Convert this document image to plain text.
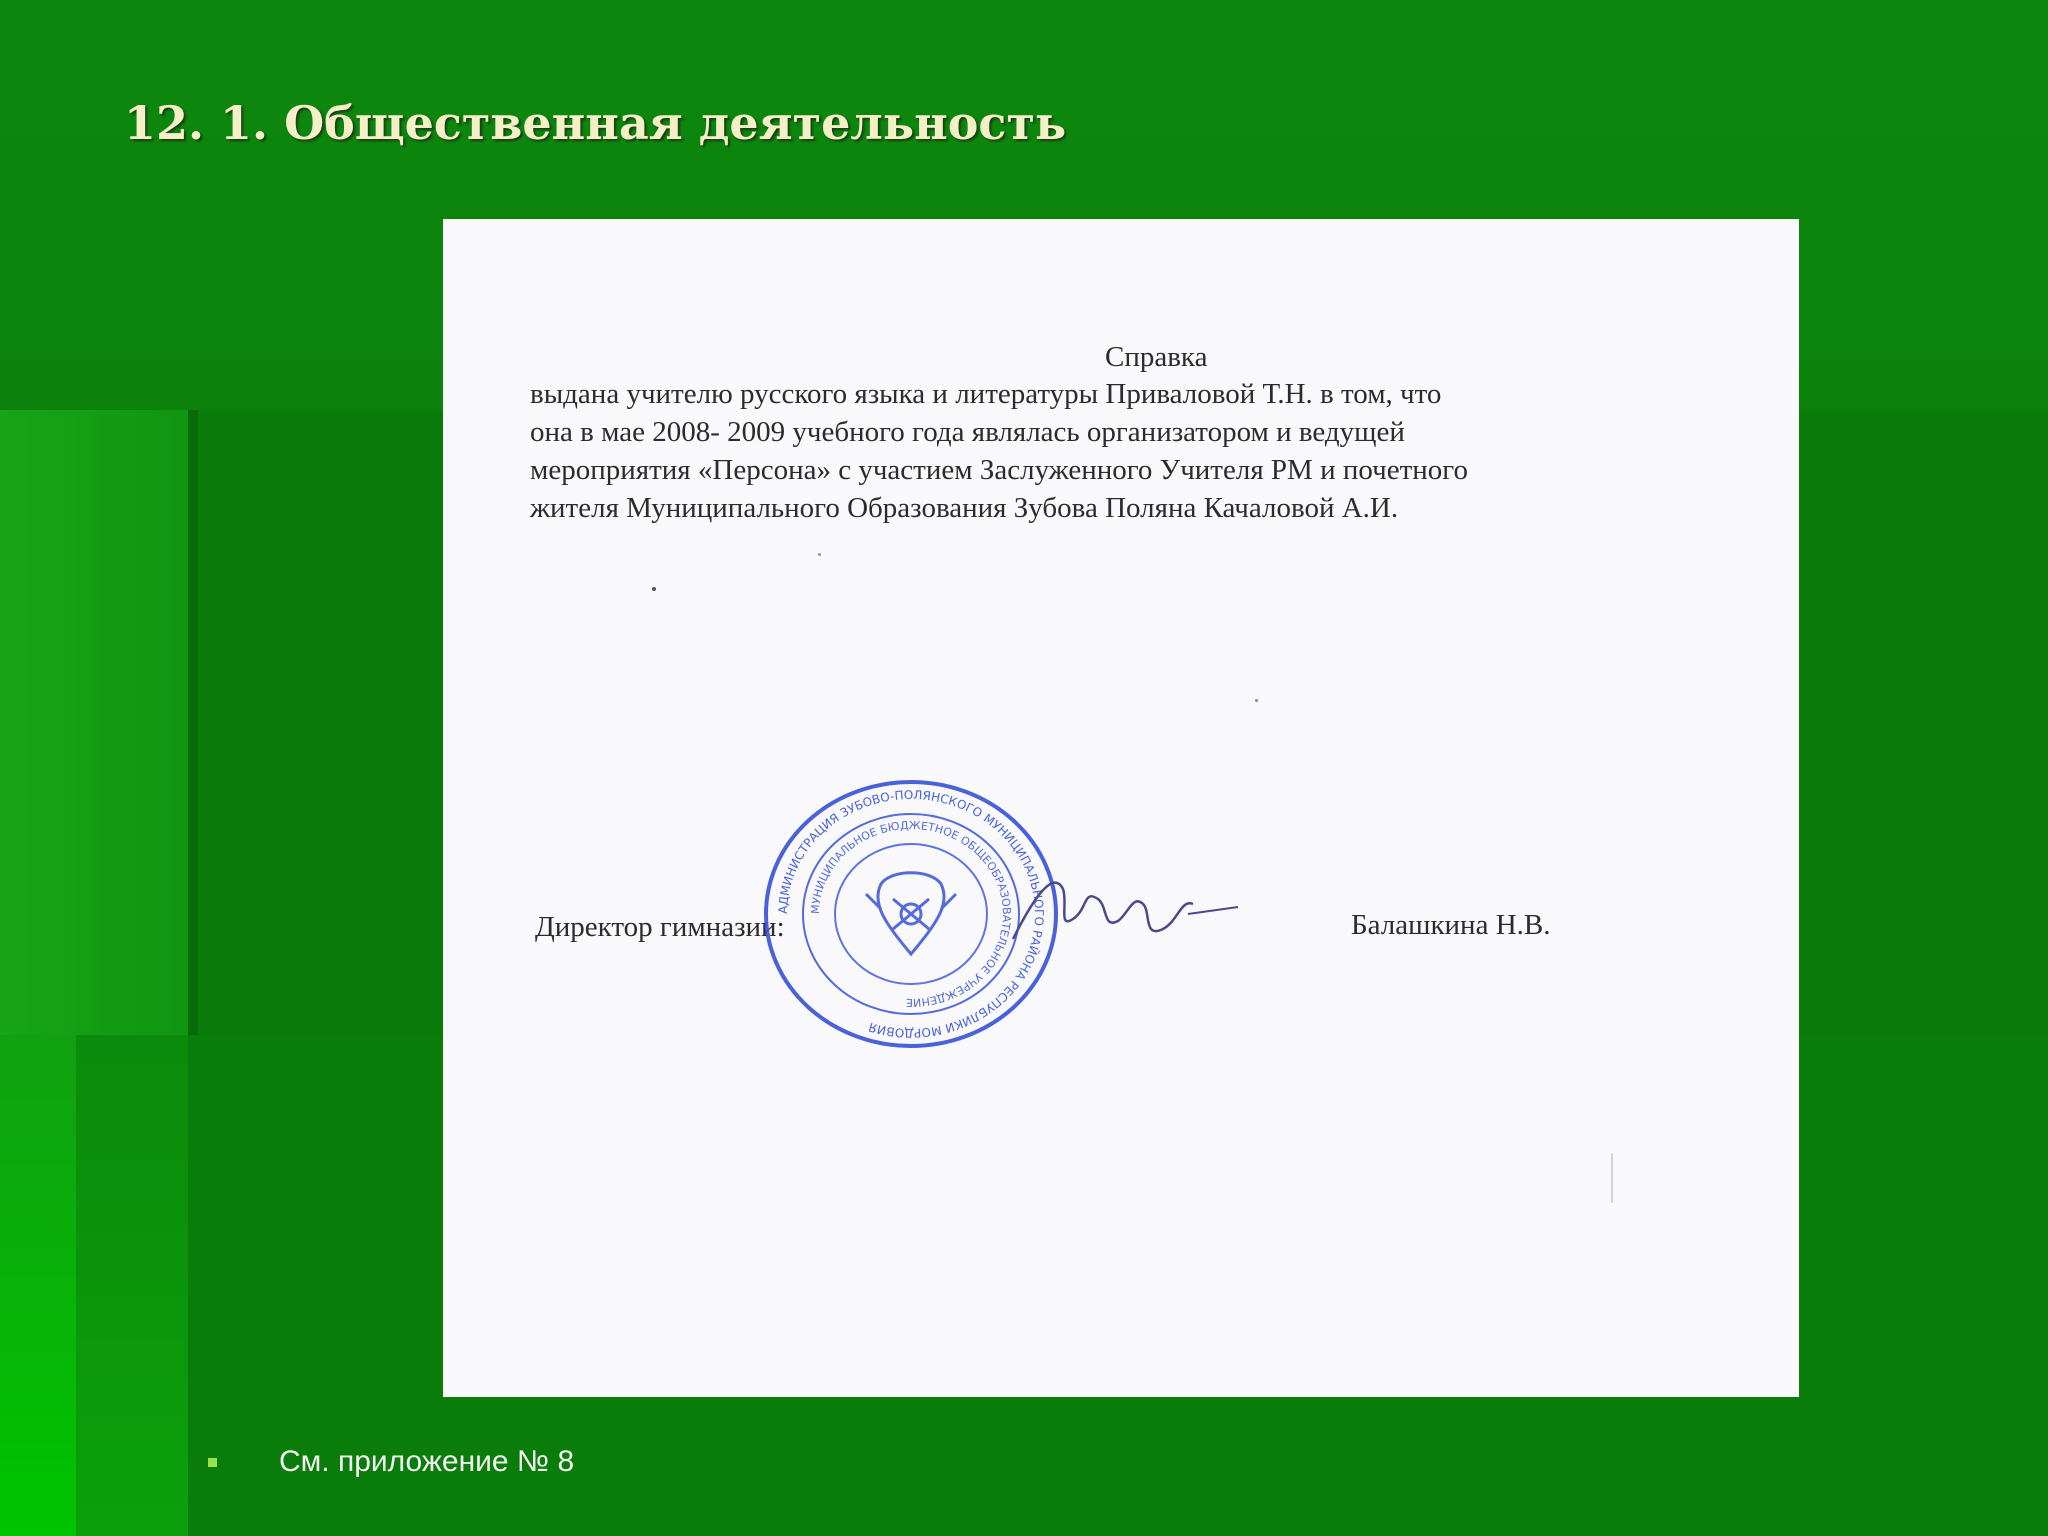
12. 1. Общественная деятельность
Справка
выдана учителю русского языка и литературы Приваловой Т.Н. в том, что
она в мае 2008- 2009 учебного года являлась организатором и ведущей
мероприятия «Персона» с участием Заслуженного Учителя РМ и почетного
жителя Муниципального Образования Зубова Поляна Качаловой А.И.
Директор гимназии:	Балашкина Н.В.
АДМИНИСТРАЦИЯ ЗУБОВО-ПОЛЯНСКОГО МУНИЦИПАЛЬНОГО РАЙОНА РЕСПУБЛИКИ МОРДОВИЯ
МУНИЦИПАЛЬНОЕ БЮДЖЕТНОЕ ОБЩЕОБРАЗОВАТЕЛЬНОЕ УЧРЕЖДЕНИЕ
См. приложение № 8
